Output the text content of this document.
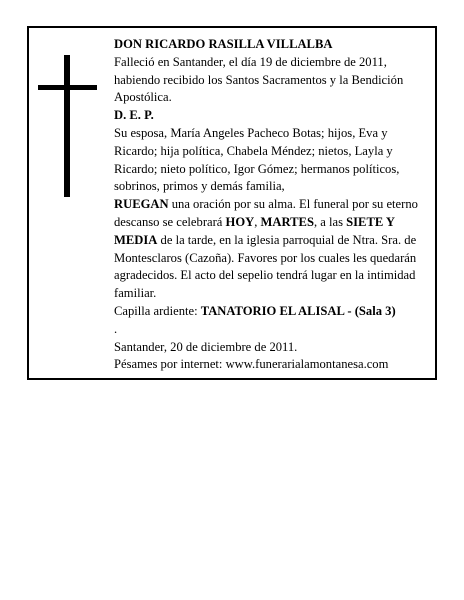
DON RICARDO RASILLA VILLALBA

Falleció en Santander, el día 19 de diciembre de 2011, habiendo recibido los Santos Sacramentos y la Bendición Apostólica.

D. E. P.

Su esposa, María Angeles Pacheco Botas; hijos, Eva y Ricardo; hija política, Chabela Méndez; nietos, Layla y Ricardo; nieto político, Igor Gómez; hermanos políticos, sobrinos, primos y demás familia,

RUEGAN una oración por su alma. El funeral por su eterno descanso se celebrará HOY, MARTES, a las SIETE Y MEDIA de la tarde, en la iglesia parroquial de Ntra. Sra. de Montesclaros (Cazoña). Favores por los cuales les quedarán agradecidos. El acto del sepelio tendrá lugar en la intimidad familiar.

Capilla ardiente: TANATORIO EL ALISAL - (Sala 3)

.

Santander, 20 de diciembre de 2011.

Pésames por internet: www.funerarialamontanesa.com
